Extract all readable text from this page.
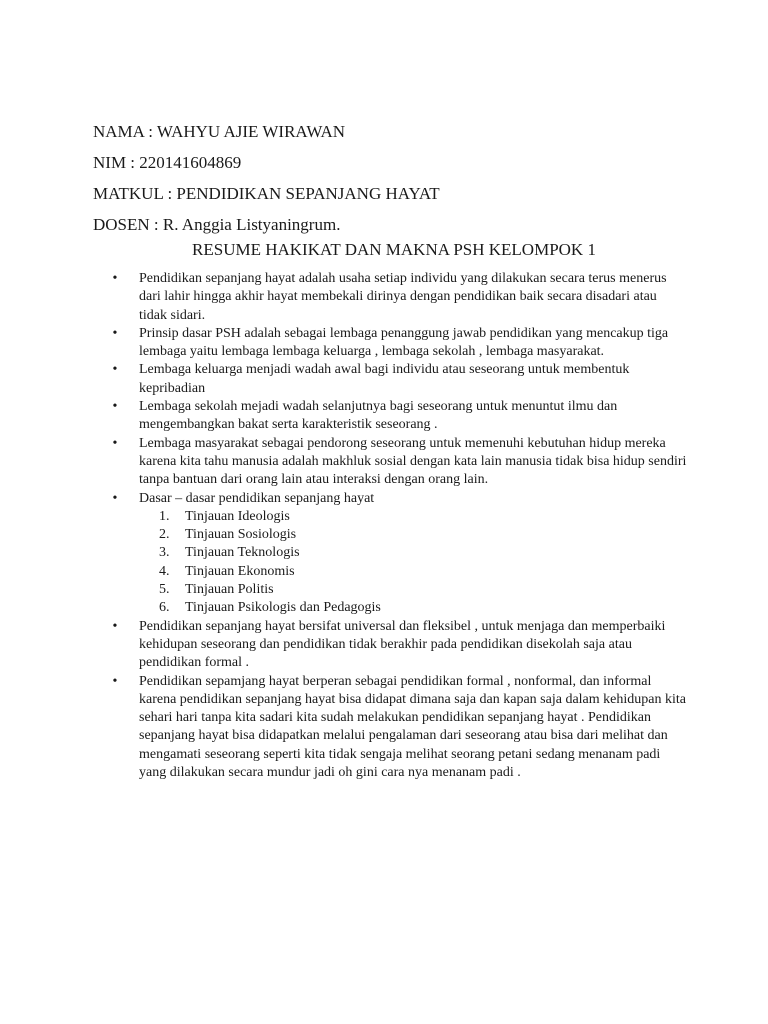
NAMA : WAHYU AJIE WIRAWAN
NIM : 220141604869
MATKUL : PENDIDIKAN SEPANJANG HAYAT
DOSEN : R. Anggia Listyaningrum.
RESUME HAKIKAT DAN MAKNA PSH KELOMPOK 1
•	Pendidikan sepanjang hayat adalah usaha setiap individu yang dilakukan secara terus menerus dari lahir hingga akhir hayat membekali dirinya dengan pendidikan baik secara disadari atau tidak sidari.
•	Prinsip dasar PSH adalah sebagai lembaga penanggung jawab pendidikan yang mencakup tiga lembaga yaitu lembaga lembaga keluarga , lembaga sekolah , lembaga masyarakat.
•	Lembaga keluarga menjadi wadah awal bagi individu atau seseorang untuk membentuk kepribadian
•	Lembaga sekolah mejadi wadah selanjutnya bagi seseorang untuk menuntut ilmu dan mengembangkan bakat serta karakteristik seseorang .
•	Lembaga masyarakat sebagai pendorong seseorang untuk memenuhi kebutuhan hidup mereka karena kita tahu manusia adalah makhluk sosial dengan kata lain manusia tidak bisa hidup sendiri tanpa bantuan dari orang lain atau interaksi dengan orang lain.
•	Dasar – dasar pendidikan sepanjang hayat
1.	Tinjauan Ideologis
2.	Tinjauan Sosiologis
3.	Tinjauan Teknologis
4.	Tinjauan Ekonomis
5.	Tinjauan Politis
6.	Tinjauan Psikologis dan Pedagogis
•	Pendidikan sepanjang hayat bersifat universal dan fleksibel , untuk menjaga dan memperbaiki kehidupan seseorang dan pendidikan tidak berakhir pada pendidikan disekolah saja atau pendidikan formal .
•	Pendidikan sepamjang hayat berperan sebagai pendidikan formal , nonformal, dan informal karena pendidikan sepanjang hayat bisa didapat dimana saja dan kapan saja dalam kehidupan kita sehari hari tanpa kita sadari kita sudah melakukan pendidikan sepanjang hayat . Pendidikan sepanjang hayat bisa didapatkan melalui pengalaman dari seseorang atau bisa dari melihat dan mengamati seseorang seperti kita tidak sengaja melihat seorang petani sedang menanam padi yang dilakukan secara mundur jadi oh gini cara nya menanam padi .
